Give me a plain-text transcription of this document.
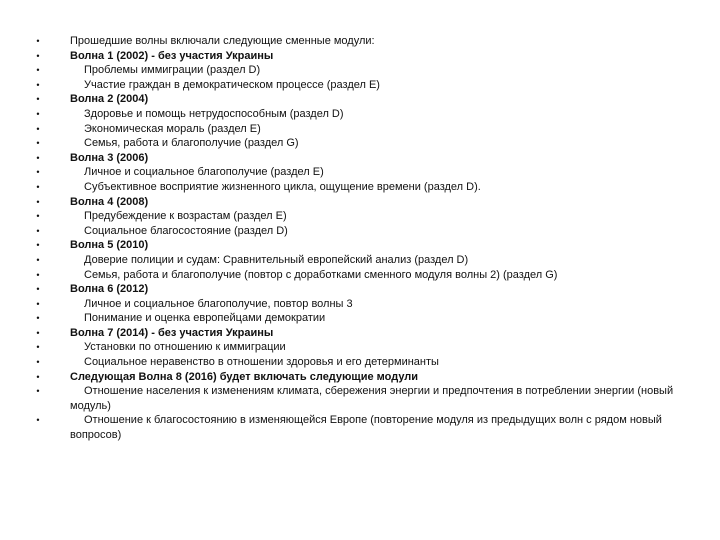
•	Прошедшие волны включали следующие сменные модули:
•	Волна 1 (2002) - без участия Украины
•	Проблемы иммиграции (раздел D)
•	Участие граждан в демократическом процессе (раздел E)
•	Волна 2 (2004)
•	Здоровье и помощь нетрудоспособным (раздел D)
•	Экономическая мораль (раздел E)
•	Семья, работа и благополучие (раздел G)
•	Волна 3 (2006)
•	Личное и социальное благополучие (раздел E)
•	Субъективное восприятие жизненного цикла, ощущение времени (раздел D).
•	Волна 4 (2008)
•	Предубеждение к возрастам (раздел E)
•	Социальное благосостояние (раздел D)
•	Волна 5 (2010)
•	Доверие полиции и судам: Сравнительный европейский анализ (раздел D)
•	Семья, работа и благополучие (повтор с доработками сменного модуля волны 2) (раздел G)
•	Волна 6 (2012)
•	Личное и социальное благополучие, повтор волны 3
•	Понимание и оценка европейцами демократии
•	Волна 7 (2014) - без участия Украины
•	Установки по отношению к иммиграции
•	Социальное неравенство в отношении здоровья и его детерминанты
•	Следующая Волна 8 (2016) будет включать следующие модули
•	Отношение населения к изменениям климата, сбережения энергии и предпочтения в потреблении энергии (новый модуль)
•	Отношение к благосостоянию в изменяющейся Европе (повторение модуля из предыдущих волн с рядом новый вопросов)
